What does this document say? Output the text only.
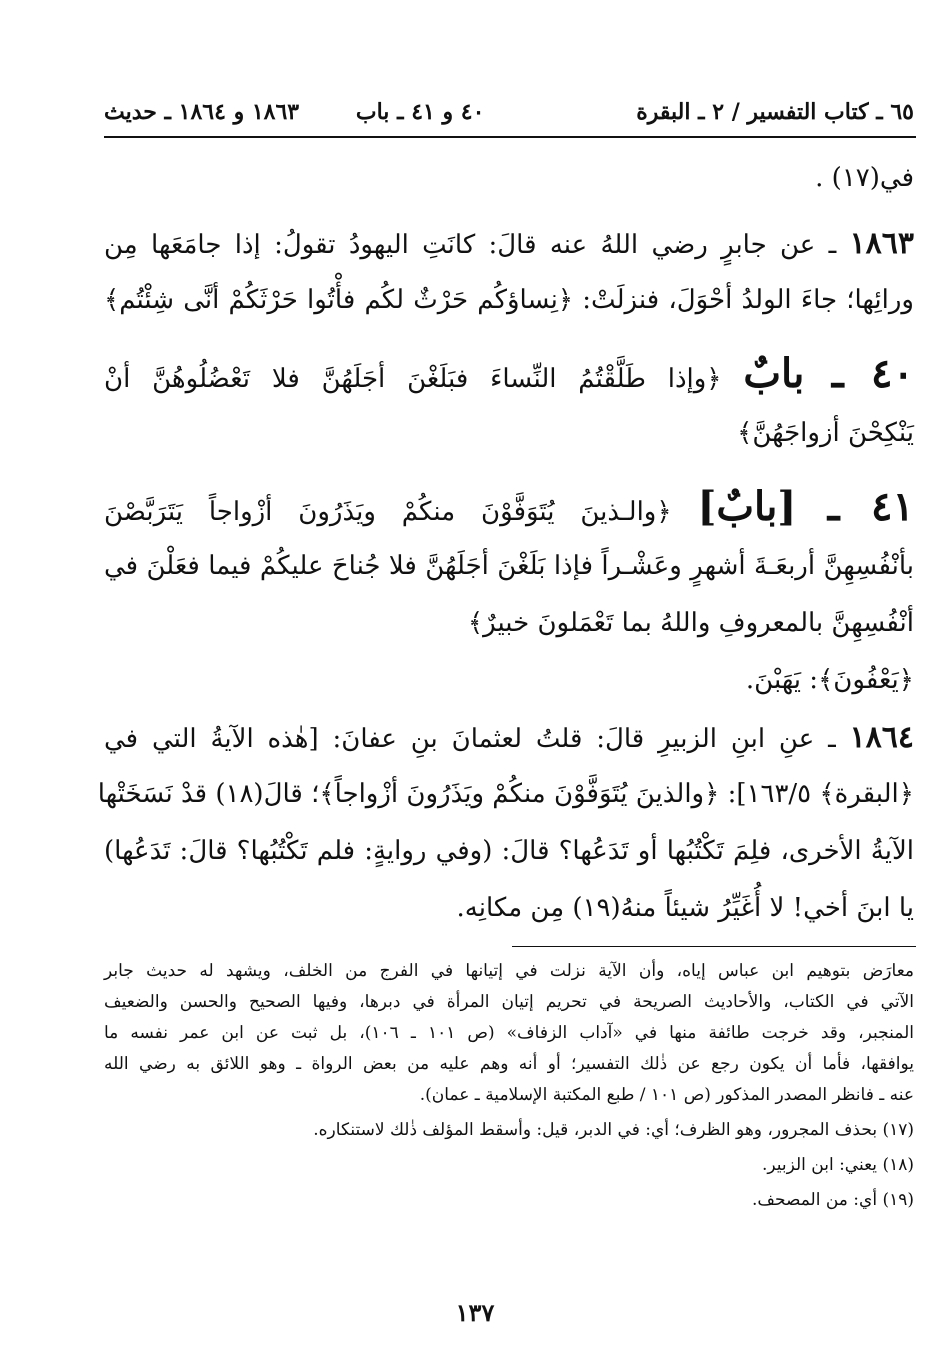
٦٥ ـ كتاب التفسير / ٢ ـ البقرة
٤٠ و ٤١ ـ باب
١٨٦٣ و ١٨٦٤ ـ حديث
في(١٧) .
١٨٦٣ ـ عن جابرٍ رضي اللهُ عنه قالَ: كانَتِ اليهودُ تقولُ: إذا جامَعَها مِن
ورائِها؛ جاءَ الولدُ أحْوَلَ، فنزلَتْ: ﴿نِساؤكُم حَرْثٌ لكُم فأْتُوا حَرْثَكُمْ أنَّى شِئْتُم﴾
٤٠ ـ بابٌ ﴿وإذا طَلَّقْتُمُ النِّساءَ فبَلَغْنَ أجَلَهُنَّ فلا تَعْضُلُوهُنَّ أنْ
يَنْكِحْنَ أزواجَهُنَّ﴾
٤١ ـ [بابٌ] ﴿والـذينَ يُتَوَفَّوْنَ منكُمْ ويَذَرُونَ أزْواجاً يَتَرَبَّصْنَ
بأنْفُسِهِنَّ أربعَـةَ أشهرٍ وعَشْـراً فإذا بَلَغْنَ أجَلَهُنَّ فلا جُناحَ عليكُمْ فيما فعَلْنَ في
أنْفُسِهِنَّ بالمعروفِ واللهُ بما تَعْمَلونَ خبيرٌ﴾
﴿يَعْفُونَ﴾: يَهَبْنَ.
١٨٦٤ ـ عنِ ابنِ الزبيرِ قالَ: قلتُ لعثمانَ بنِ عفانَ: [هٰذه الآيةُ التي في
﴿البقرة﴾ ١٦٣/٥]: ﴿والذينَ يُتَوَفَّوْنَ منكُمْ ويَذَرُونَ أزْواجاً﴾؛ قالَ(١٨) قدْ نَسَخَتْها
الآيةُ الأخرى، فلِمَ تَكْتُبُها أو تَدَعُها؟ قالَ: (وفي روايةٍ: فلم تَكْتُبُها؟ قالَ: تَدَعُها)
يا ابنَ أخي! لا أُغَيِّرُ شيئاً منهُ(١٩) مِن مكانِه.
معارَض بتوهيم ابن عباس إياه، وأن الآية نزلت في إتيانها في الفرج من الخلف، ويشهد له حديث جابر
الآتي في الكتاب، والأحاديث الصريحة في تحريم إتيان المرأة في دبرها، وفيها الصحيح والحسن والضعيف
المنجبر، وقد خرجت طائفة منها في «آداب الزفاف» (ص ١٠١ ـ ١٠٦)، بل ثبت عن ابن عمر نفسه ما
يوافقها، فأما أن يكون رجع عن ذٰلك التفسير؛ أو أنه وهم عليه من بعض الرواة ـ وهو اللائق به رضي الله
عنه ـ فانظر المصدر المذكور (ص ١٠١ / طبع المكتبة الإسلامية ـ عمان).
(١٧) بحذف المجرور، وهو الظرف؛ أي: في الدبر، قيل: وأسقط المؤلف ذٰلك لاستنكاره.
(١٨) يعني: ابن الزبير.
(١٩) أي: من المصحف.
١٣٧
